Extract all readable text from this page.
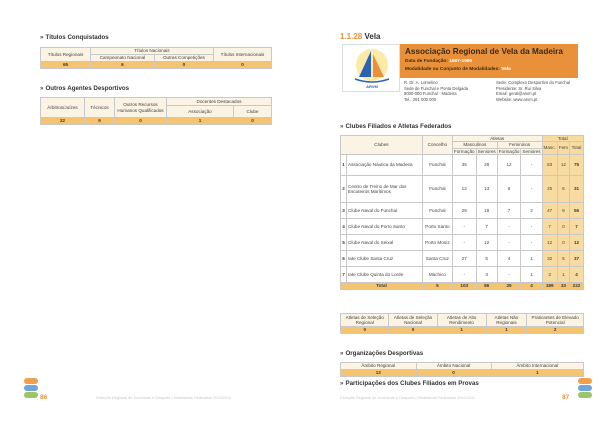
» Títulos Conquistados
Títulos Regionais	Títulos Nacionais		Títulos Internacionais
	Campeonato Nacional	Outras Competições	
65	6	0	0
» Outros Agentes Desportivos
Árbitros/Juízes	Técnicos	Outros Recursos Humanos Qualificados	Docentes Destacados	
			Associação	Clube
22	9	0	1	0
86	Direcção Regional de Juventude e Desporto | Estatísticas Federadas 2010/2011
1.1.28 Vela
ARVM
Associação Regional de Vela da Madeira
Data de Fundação: 1987-1990
Modalidade ou Conjunto de Modalidades: Vela
R. Dr. A. Lomelino
Sede de Funchal e Ponta Delgada
9000-000 Funchal · Madeira
Tel.: 291 000 000
Sede: Complexo Desportivo do Funchal
Presidente: Sr. Rui Silva
Email: geral@arvm.pt
Website: www.arvm.pt
» Clubes Filiados e Atletas Federados
Clubes		Concelho	Atletas				Total		
			Masculinos		Femininos		Masc.	Fem	Total
			Formação	Seniores	Formação	Seniores			
1	Associação Náutica da Madeira	Funchal	35	28	12	-	63	12	75
2	Centro de Treino de Mar dos Escuteiros Marítimos	Funchal	12	13	6	-	25	6	31
3	Clube Naval do Funchal	Funchal	29	18	7	2	47	9	56
4	Clube Naval do Porto Santo	Porto Santo	-	7	-	-	7	0	7
5	Clube Naval do Seixal	Porto Moniz	-	12	-	-	12	0	12
6	Iate Clube Santa Cruz	Santa Cruz	27	5	4	1	32	5	37
7	Iate Clube Quinta do Lorde	Machico	-	3	-	1	3	1	4
Total		5	103	86	29	4	189	33	222
Atletas de Seleção Regional	Atletas de Seleção Nacional	Atletas de Alto Rendimento	Atletas Não Regionais	Praticantes de Elevado Potencial
0	0	1	1	2
» Organizações Desportivas
Âmbito Regional	Âmbito Nacional	Âmbito Internacional
13	0	1
» Participações dos Clubes Filiados em Provas
Direcção Regional de Juventude e Desporto | Estatísticas Federadas 2010/2011	87
